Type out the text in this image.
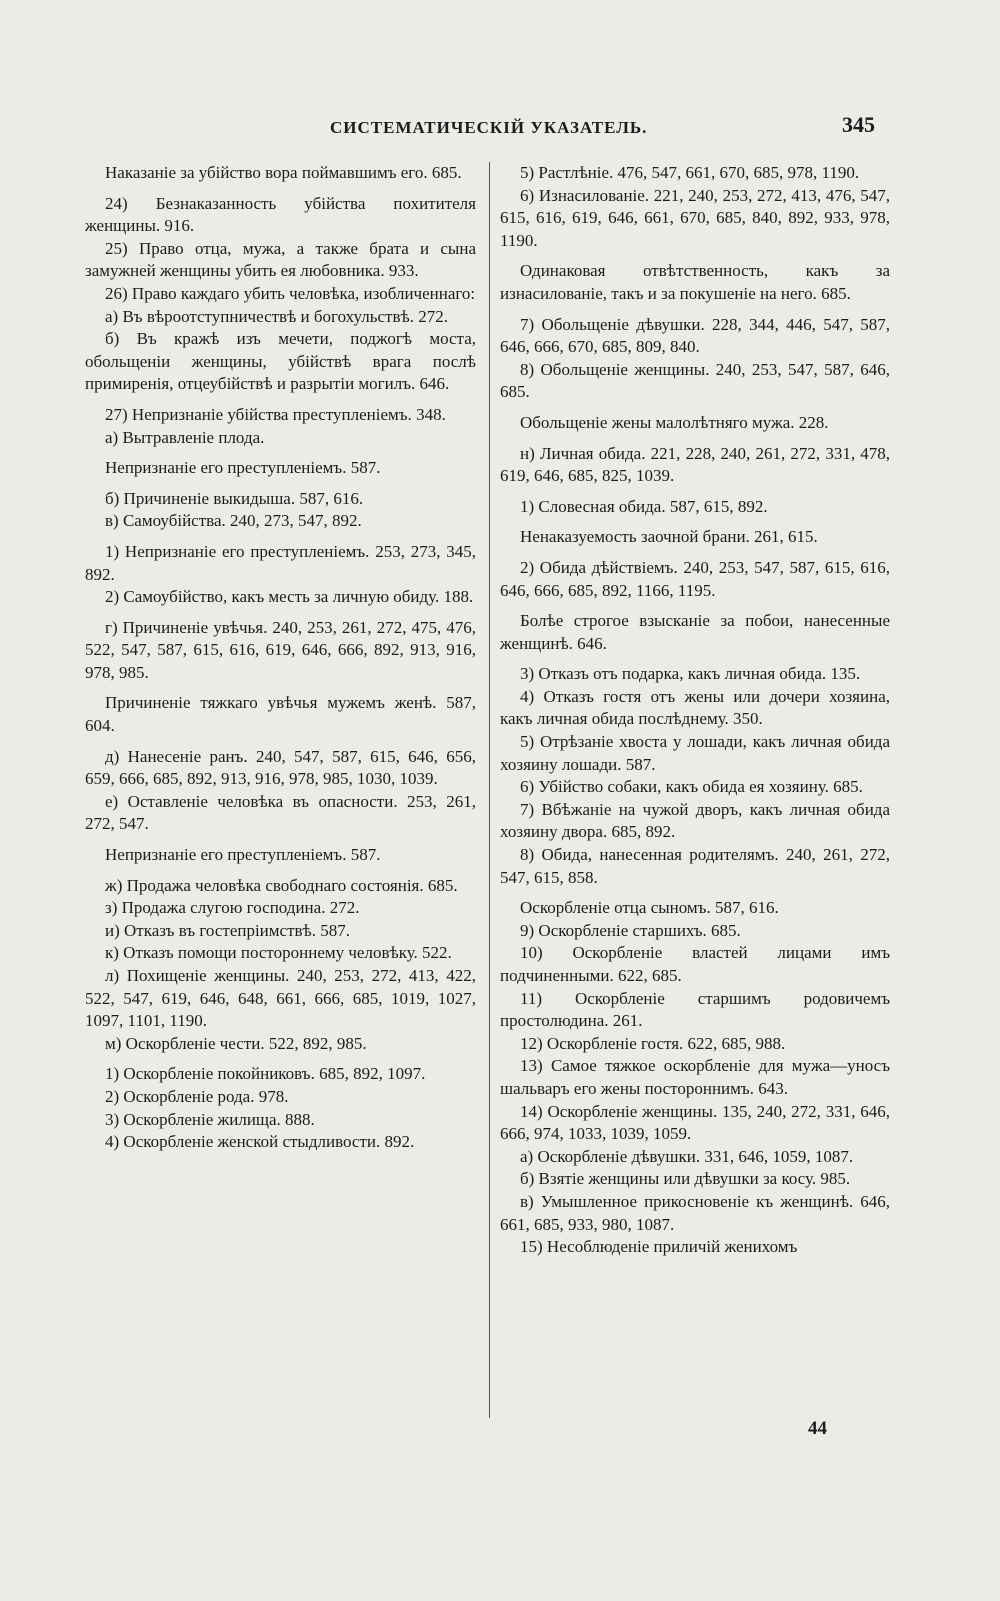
СИСТЕМАТИЧЕСКІЙ УКАЗАТЕЛЬ.	345

Наказаніе за убійство вора поймавшимъ его. 685.

24) Безнаказанность убійства похитителя женщины. 916.

25) Право отца, мужа, а также брата и сына замужней женщины убить ея любовника. 933.

26) Право каждаго убить человѣка, изобличеннаго:

а) Въ вѣроотступничествѣ и богохульствѣ. 272.

б) Въ кражѣ изъ мечети, поджогѣ моста, обольщеніи женщины, убійствѣ врага послѣ примиренія, отцеубійствѣ и разрытіи могилъ. 646.

27) Непризнаніе убійства преступленіемъ. 348.

а) Вытравленіе плода.

Непризнаніе его преступленіемъ. 587.

б) Причиненіе выкидыша. 587, 616.

в) Самоубійства. 240, 273, 547, 892.

1) Непризнаніе его преступленіемъ. 253, 273, 345, 892.

2) Самоубійство, какъ месть за личную обиду. 188.

г) Причиненіе увѣчья. 240, 253, 261, 272, 475, 476, 522, 547, 587, 615, 616, 619, 646, 666, 892, 913, 916, 978, 985.

Причиненіе тяжкаго увѣчья мужемъ женѣ. 587, 604.

д) Нанесеніе ранъ. 240, 547, 587, 615, 646, 656, 659, 666, 685, 892, 913, 916, 978, 985, 1030, 1039.

е) Оставленіе человѣка въ опасности. 253, 261, 272, 547.

Непризнаніе его преступленіемъ. 587.

ж) Продажа человѣка свободнаго состоянія. 685.

з) Продажа слугою господина. 272.

и) Отказъ въ гостепріимствѣ. 587.

к) Отказъ помощи постороннему человѣку. 522.

л) Похищеніе женщины. 240, 253, 272, 413, 422, 522, 547, 619, 646, 648, 661, 666, 685, 1019, 1027, 1097, 1101, 1190.

м) Оскорбленіе чести. 522, 892, 985.

1) Оскорбленіе покойниковъ. 685, 892, 1097.

2) Оскорбленіе рода. 978.

3) Оскорбленіе жилища. 888.

4) Оскорбленіе женской стыдливости. 892.

5) Растлѣніе. 476, 547, 661, 670, 685, 978, 1190.

6) Изнасилованіе. 221, 240, 253, 272, 413, 476, 547, 615, 616, 619, 646, 661, 670, 685, 840, 892, 933, 978, 1190.

Одинаковая отвѣтственность, какъ за изнасилованіе, такъ и за покушеніе на него. 685.

7) Обольщеніе дѣвушки. 228, 344, 446, 547, 587, 646, 666, 670, 685, 809, 840.

8) Обольщеніе женщины. 240, 253, 547, 587, 646, 685.

Обольщеніе жены малолѣтняго мужа. 228.

н) Личная обида. 221, 228, 240, 261, 272, 331, 478, 619, 646, 685, 825, 1039.

1) Словесная обида. 587, 615, 892.

Ненаказуемость заочной брани. 261, 615.

2) Обида дѣйствіемъ. 240, 253, 547, 587, 615, 616, 646, 666, 685, 892, 1166, 1195.

Болѣе строгое взысканіе за побои, нанесенные женщинѣ. 646.

3) Отказъ отъ подарка, какъ личная обида. 135.

4) Отказъ гостя отъ жены или дочери хозяина, какъ личная обида послѣднему. 350.

5) Отрѣзаніе хвоста у лошади, какъ личная обида хозяину лошади. 587.

6) Убійство собаки, какъ обида ея хозяину. 685.

7) Вбѣжаніе на чужой дворъ, какъ личная обида хозяину двора. 685, 892.

8) Обида, нанесенная родителямъ. 240, 261, 272, 547, 615, 858.

Оскорбленіе отца сыномъ. 587, 616.

9) Оскорбленіе старшихъ. 685.

10) Оскорбленіе властей лицами имъ подчиненными. 622, 685.

11) Оскорбленіе старшимъ родовичемъ простолюдина. 261.

12) Оскорбленіе гостя. 622, 685, 988.

13) Самое тяжкое оскорбленіе для мужа—уносъ шальваръ его жены постороннимъ. 643.

14) Оскорбленіе женщины. 135, 240, 272, 331, 646, 666, 974, 1033, 1039, 1059.

а) Оскорбленіе дѣвушки. 331, 646, 1059, 1087.

б) Взятіе женщины или дѣвушки за косу. 985.

в) Умышленное прикосновеніе къ женщинѣ. 646, 661, 685, 933, 980, 1087.

15) Несоблюденіе приличій женихомъ

44
